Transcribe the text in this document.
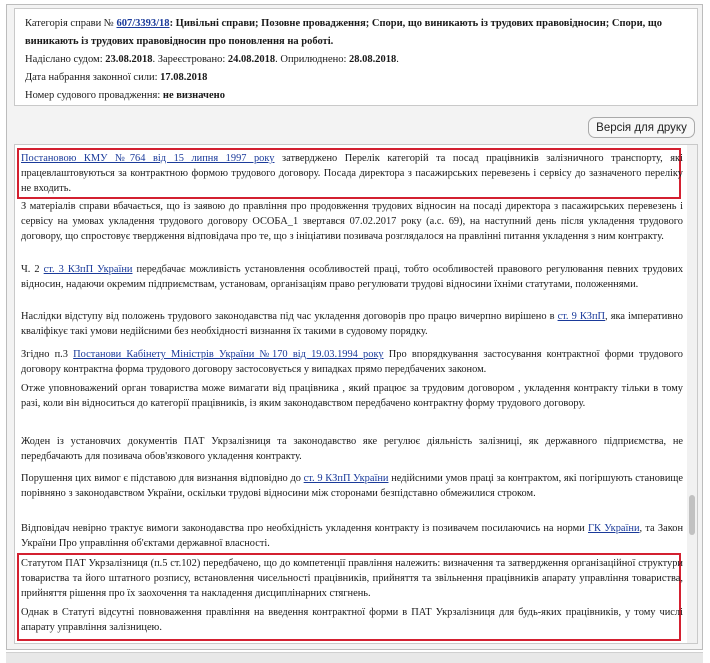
Категорія справи № 607/3393/18: Цивільні справи; Позовне провадження; Спори, що виникають із трудових правовідносин; Спори, що виникають із трудових правовідносин про поновлення на роботі.

Надіслано судом: 23.08.2018. Зареєстровано: 24.08.2018. Оприлюднено: 28.08.2018.

Дата набрання законної сили: 17.08.2018

Номер судового провадження: не визначено

Версія для друку

Постановою КМУ №764 від 15 липня 1997 року затверджено Перелік категорій та посад працівників залізничного транспорту, які працевлаштовуються за контрактною формою трудового договору. Посада директора з пасажирських перевезень і сервісу до зазначеного переліку не входить.

З матеріалів справи вбачається, що із заявою до правління про продовження трудових відносин на посаді директора з пасажирських перевезень і сервісу на умовах укладення трудового договору ОСОБА_1 звертався 07.02.2017 року (а.с. 69), на наступний день після укладення трудового договору, що спростовує твердження відповідача про те, що з ініціативи позивача розглядалося на правлінні питання укладення з ним контракту.

Ч. 2 ст. 3 КЗпП України передбачає можливість установлення особливостей праці, тобто особливостей правового регулювання певних трудових відносин, надаючи окремим підприємствам, установам, організаціям право регулювати трудові відносини їхніми статутами, положеннями.

Наслідки відступу від положень трудового законодавства під час укладення договорів про працю вичерпно вирішено в ст. 9 КЗпП, яка імперативно кваліфікує такі умови недійсними без необхідності визнання їх такими в судовому порядку.

Згідно п.3 Постанови Кабінету Міністрів України №170 від 19.03.1994 року Про впорядкування застосування контрактної форми трудового договору контрактна форма трудового договору застосовується у випадках прямо передбачених законом.

Отже уповноважений орган товариства може вимагати від працівника , який працює за трудовим договором , укладення контракту тільки в тому разі, коли він відноситься до категорії працівників, із яким законодавством передбачено контрактну форму трудового договору.

Жоден із установчих документів ПАТ Укрзалізниця та законодавство яке регулює діяльність залізниці, як державного підприємства, не передбачають для позивача обов'язкового укладення контракту.

Порушення цих вимог є підставою для визнання відповідно до ст. 9 КЗпП України недійсними умов праці за контрактом, які погіршують становище порівняно з законодавством України, оскільки трудові відносини між сторонами безпідставно обмежилися строком.

Відповідач невірно трактує вимоги законодавства про необхідність укладення контракту із позивачем посилаючись на норми ГК України, та Закон України Про управління об'єктами державної власності.

Статутом ПАТ Укрзалізниця (п.5 ст.102) передбачено, що до компетенції правління належить: визначення та затвердження організаційної структури товариства та його штатного розпису, встановлення чисельності працівників, прийняття та звільнення працівників апарату управління товариства, прийняття рішення про їх заохочення та накладення дисциплінарних стягнень.

Однак в Статуті відсутні повноваження правління на введення контрактної форми в ПАТ Укрзалізниця для будь-яких працівників, у тому числі апарату управління залізницею.
